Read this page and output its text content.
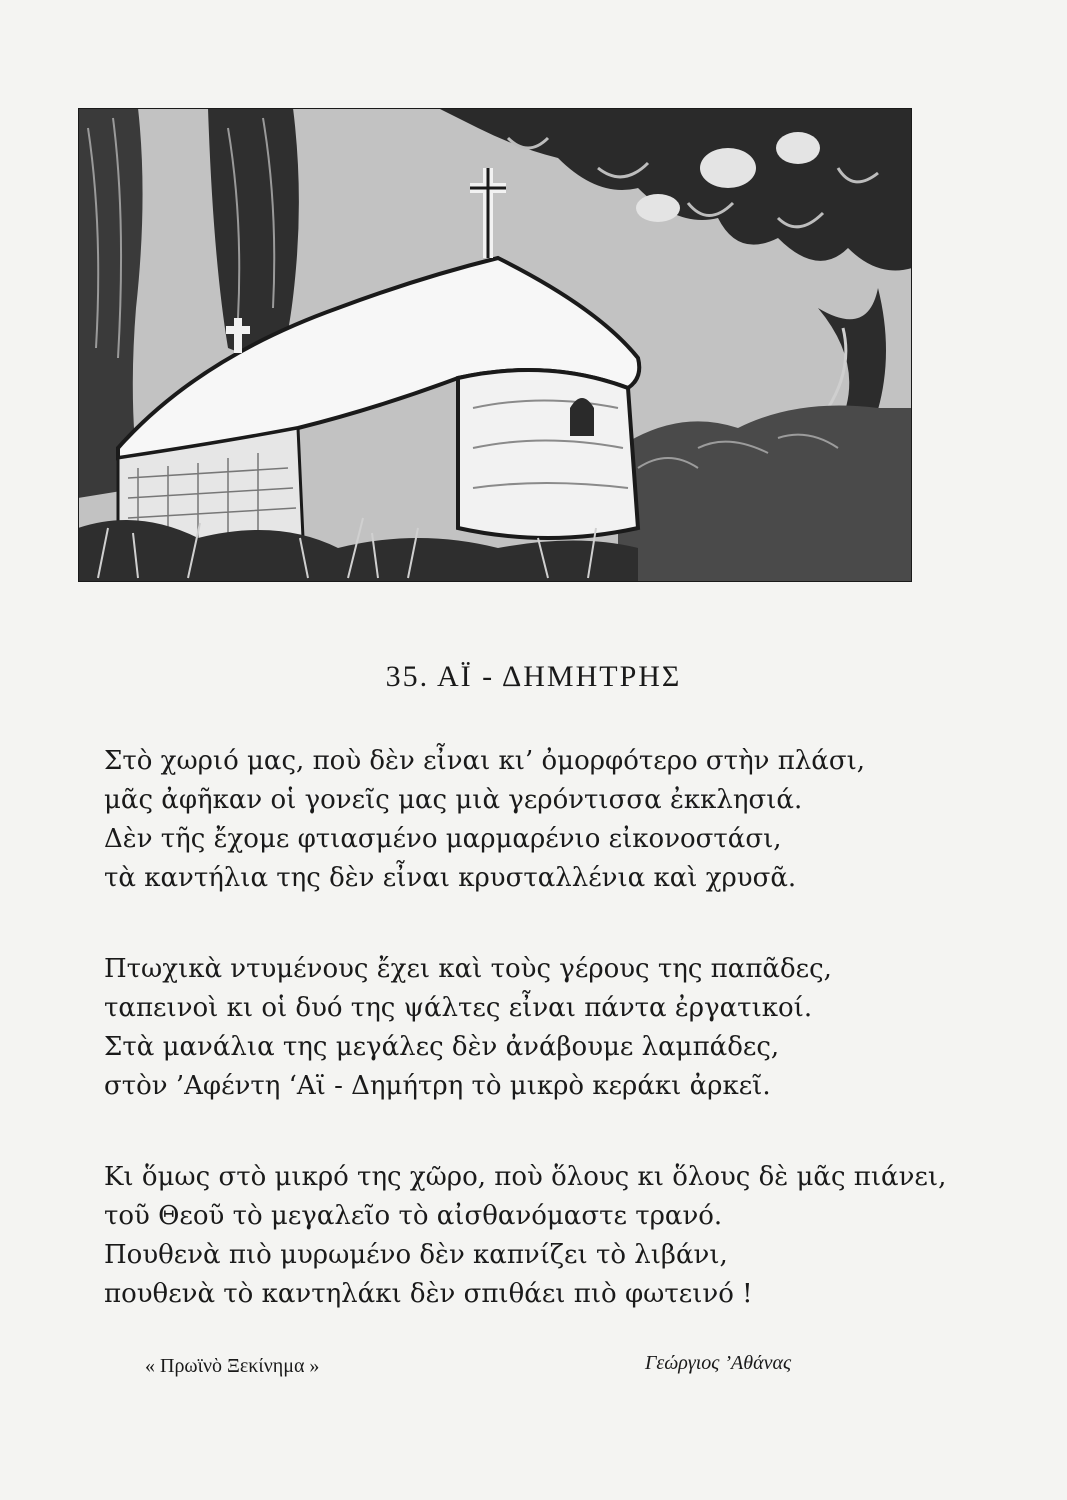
35. ΑΪ - ΔΗΜΗΤΡΗΣ
Στὸ χωριό μας, ποὺ δὲν εἶναι κι’ ὀμορφότερο στὴν πλάσι,
μᾶς ἀφῆκαν οἱ γονεῖς μας μιὰ γερόντισσα ἐκκλησιά.
Δὲν τῆς ἔχομε φτιασμένο μαρμαρένιο εἰκονοστάσι,
τὰ καντήλια της δὲν εἶναι κρυσταλλένια καὶ χρυσᾶ.
Πτωχικὰ ντυμένους ἔχει καὶ τοὺς γέρους της παπᾶδες,
ταπεινοὶ κι οἱ δυό της ψάλτες εἶναι πάντα ἐργατικοί.
Στὰ μανάλια της μεγάλες δὲν ἀνάβουμε λαμπάδες,
στὸν ’Αφέντη ‘Αϊ - Δημήτρη τὸ μικρὸ κεράκι ἀρκεῖ.
Κι ὅμως στὸ μικρό της χῶρο, ποὺ ὅλους κι ὅλους δὲ μᾶς πιάνει,
τοῦ Θεοῦ τὸ μεγαλεῖο τὸ αἰσθανόμαστε τρανό.
Πουθενὰ πιὸ μυρωμένο δὲν καπνίζει τὸ λιβάνι,
πουθενὰ τὸ καντηλάκι δὲν σπιθάει πιὸ φωτεινό !
« Πρωϊνὸ Ξεκίνημα »	Γεώργιος ’Αθάνας
